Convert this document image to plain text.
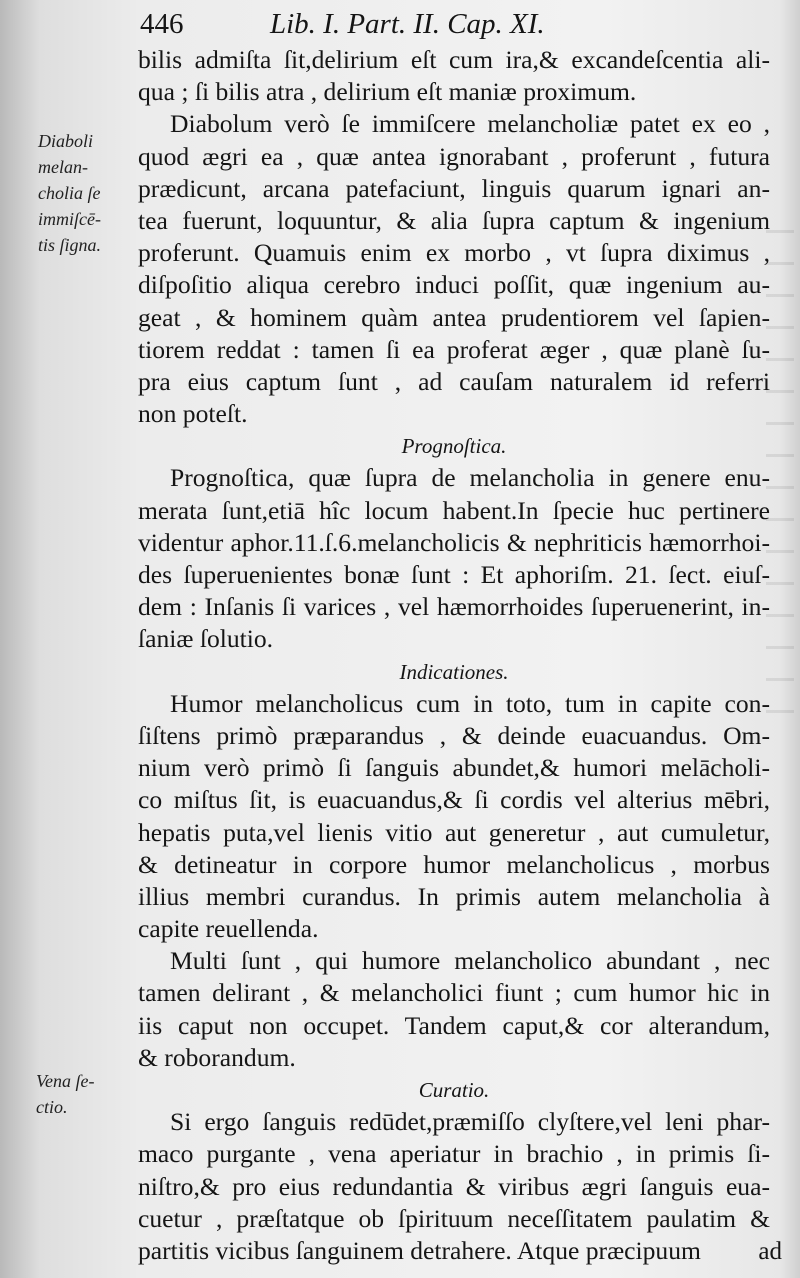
446	Lib. I. Part. II. Cap. XI.
Diaboli
melan-
cholia ſe
immiſcē-
tis ſigna.
Vena ſe-
ctio.
bilis admiſta ſit,delirium eſt cum ira,& excandeſcentia ali-
qua ; ſi bilis atra , delirium eſt maniæ proximum.
Diabolum verò ſe immiſcere melancholiæ patet ex eo ,
quod ægri ea , quæ antea ignorabant , proferunt , futura
prædicunt, arcana patefaciunt, linguis quarum ignari an-
tea fuerunt, loquuntur, & alia ſupra captum & ingenium
proferunt. Quamuis enim ex morbo , vt ſupra diximus ,
diſpoſitio aliqua cerebro induci poſſit, quæ ingenium au-
geat , & hominem quàm antea prudentiorem vel ſapien-
tiorem reddat : tamen ſi ea proferat æger , quæ planè ſu-
pra eius captum ſunt , ad cauſam naturalem id referri
non poteſt.
Prognoſtica.
Prognoſtica, quæ ſupra de melancholia in genere enu-
merata ſunt,etiā hîc locum habent.In ſpecie huc pertinere
videntur aphor.11.ſ.6.melancholicis & nephriticis hæmorrhoi-
des ſuperuenientes bonæ ſunt : Et aphoriſm. 21. ſect. eiuſ-
dem : Inſanis ſi varices , vel hæmorrhoides ſuperuenerint, in-
ſaniæ ſolutio.
Indicationes.
Humor melancholicus cum in toto, tum in capite con-
ſiſtens primò præparandus , & deinde euacuandus. Om-
nium verò primò ſi ſanguis abundet,& humori melācholi-
co miſtus ſit, is euacuandus,& ſi cordis vel alterius mēbri,
hepatis puta,vel lienis vitio aut generetur , aut cumuletur,
& detineatur in corpore humor melancholicus , morbus
illius membri curandus. In primis autem melancholia à
capite reuellenda.
Multi ſunt , qui humore melancholico abundant , nec
tamen delirant , & melancholici fiunt ; cum humor hic in
iis caput non occupet. Tandem caput,& cor alterandum,
& roborandum.
Curatio.
Si ergo ſanguis redūdet,præmiſſo clyſtere,vel leni phar-
maco purgante , vena aperiatur in brachio , in primis ſi-
niſtro,& pro eius redundantia & viribus ægri ſanguis eua-
cuetur , præſtatque ob ſpirituum neceſſitatem paulatim &
partitis vicibus ſanguinem detrahere. Atque præcipuum	ad
